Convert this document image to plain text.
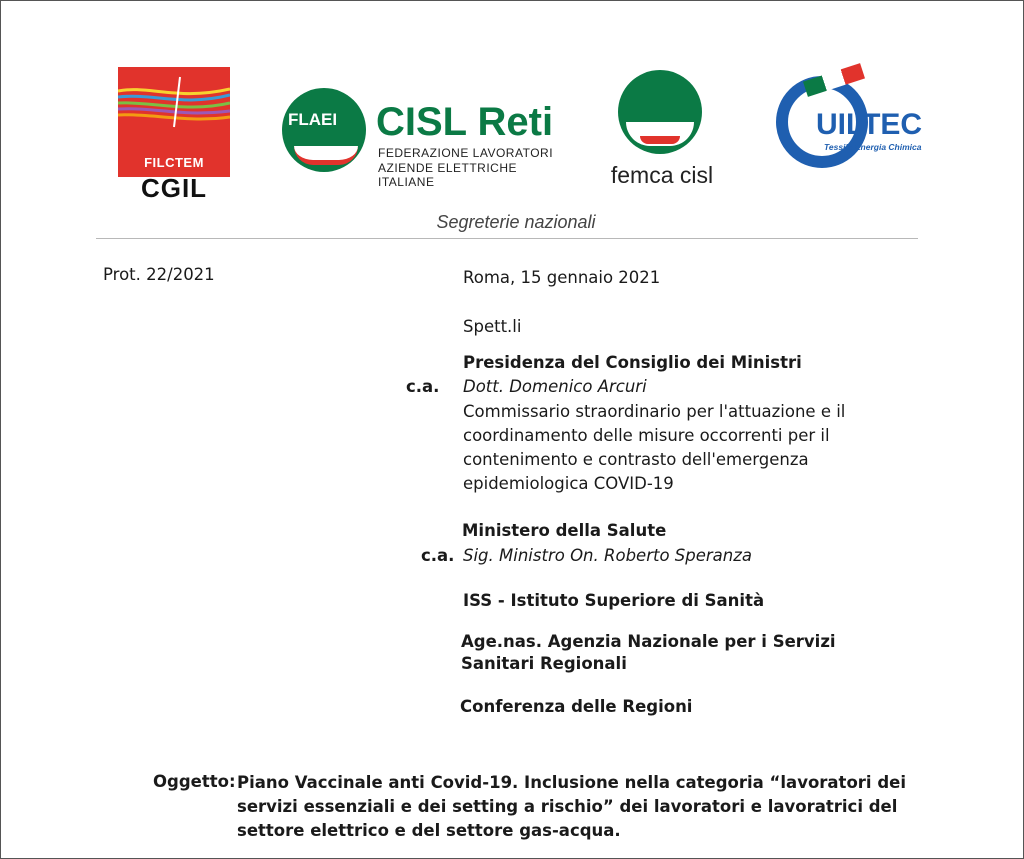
FILCTEM
CGIL
FLAEI CISL Reti
FEDERAZIONE LAVORATORI
AZIENDE ELETTRICHE ITALIANE	femca cisl
UILTEC
Tessile Energia Chimica
Segreterie nazionali
Prot. 22/2021	Roma, 15 gennaio 2021
Spett.li
Presidenza del Consiglio dei Ministri
c.a. Dott. Domenico Arcuri
Commissario straordinario per l'attuazione e il coordinamento delle misure occorrenti per il contenimento e contrasto dell'emergenza epidemiologica COVID-19
Ministero della Salute
c.a. Sig. Ministro On. Roberto Speranza
ISS - Istituto Superiore di Sanità
Age.nas. Agenzia Nazionale per i Servizi Sanitari Regionali
Conferenza delle Regioni
Oggetto: Piano Vaccinale anti Covid-19. Inclusione nella categoria “lavoratori dei servizi essenziali e dei setting a rischio” dei lavoratori e lavoratrici del settore elettrico e del settore gas-acqua.
